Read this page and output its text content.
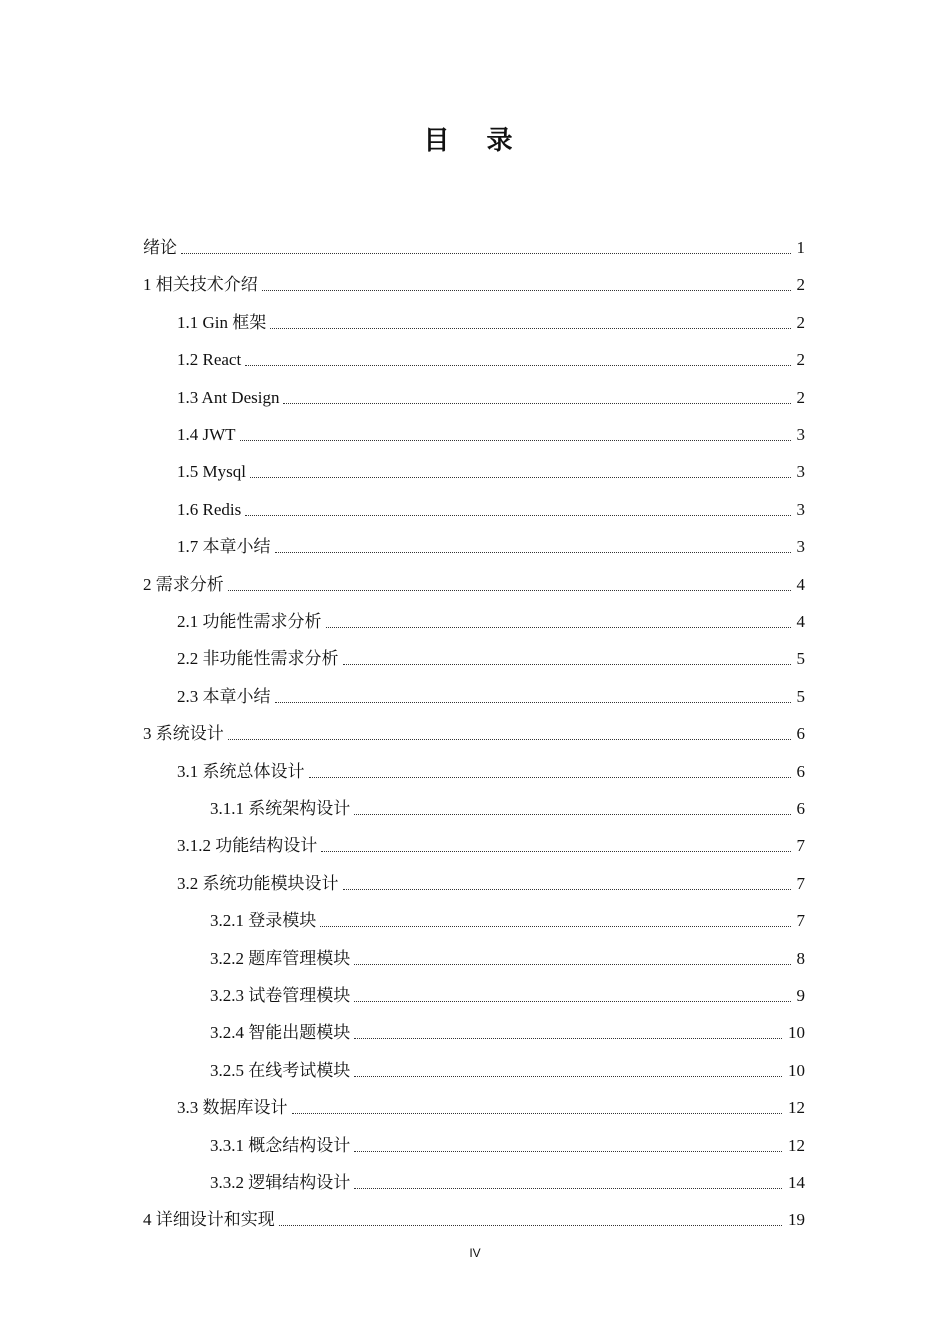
目 录
绪论	1
1 相关技术介绍	2
1.1 Gin 框架	2
1.2 React	2
1.3 Ant Design	2
1.4 JWT	3
1.5 Mysql	3
1.6 Redis	3
1.7 本章小结	3
2 需求分析	4
2.1 功能性需求分析	4
2.2 非功能性需求分析	5
2.3 本章小结	5
3 系统设计	6
3.1 系统总体设计	6
3.1.1 系统架构设计	6
3.1.2 功能结构设计	7
3.2 系统功能模块设计	7
3.2.1 登录模块	7
3.2.2 题库管理模块	8
3.2.3 试卷管理模块	9
3.2.4 智能出题模块	10
3.2.5 在线考试模块	10
3.3 数据库设计	12
3.3.1 概念结构设计	12
3.3.2 逻辑结构设计	14
4 详细设计和实现	19
IV
